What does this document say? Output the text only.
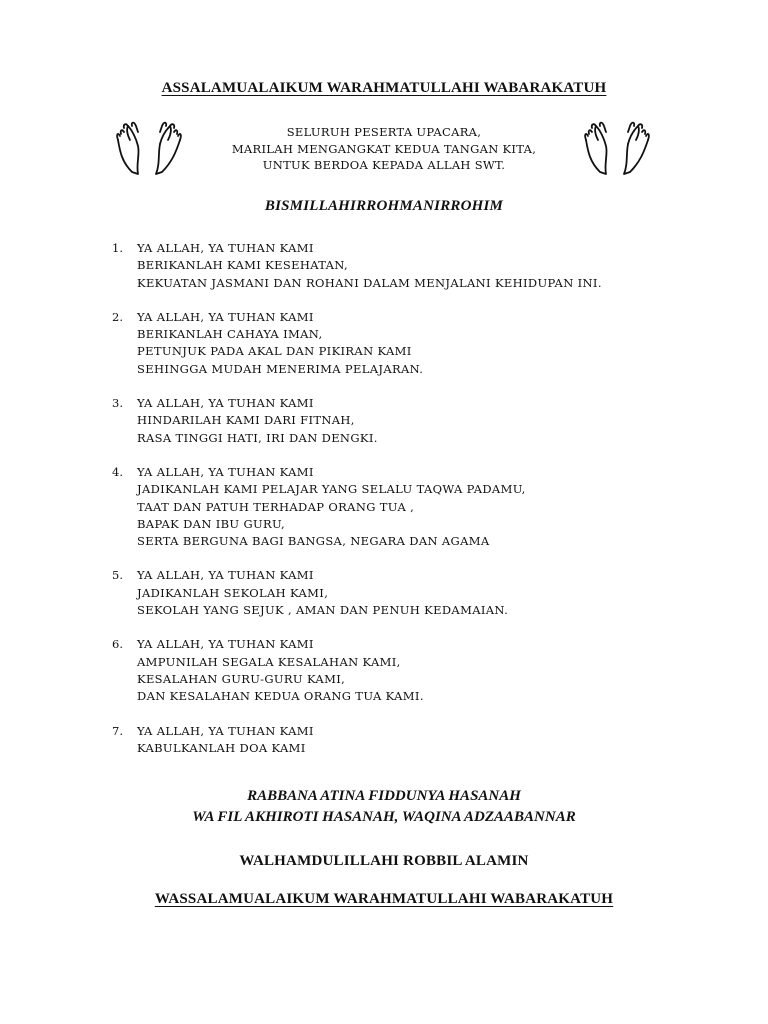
ASSALAMUALAIKUM WARAHMATULLAHI WABARAKATUH
SELURUH PESERTA UPACARA,
MARILAH MENGANGKAT KEDUA TANGAN KITA,
UNTUK BERDOA KEPADA ALLAH SWT.
BISMILLAHIRROHMANIRROHIM
1. YA ALLAH, YA TUHAN KAMI
BERIKANLAH KAMI KESEHATAN,
KEKUATAN JASMANI DAN ROHANI DALAM MENJALANI KEHIDUPAN INI.
2. YA ALLAH, YA TUHAN KAMI
BERIKANLAH CAHAYA IMAN,
PETUNJUK PADA AKAL DAN PIKIRAN KAMI
SEHINGGA MUDAH MENERIMA PELAJARAN.
3. YA ALLAH, YA TUHAN KAMI
HINDARILAH KAMI DARI FITNAH,
RASA TINGGI HATI, IRI DAN DENGKI.
4. YA ALLAH, YA TUHAN KAMI
JADIKANLAH KAMI PELAJAR YANG SELALU TAQWA PADAMU,
TAAT DAN PATUH TERHADAP ORANG TUA ,
BAPAK DAN IBU GURU,
SERTA BERGUNA BAGI BANGSA, NEGARA DAN AGAMA
5. YA ALLAH, YA TUHAN KAMI
JADIKANLAH SEKOLAH KAMI,
SEKOLAH YANG SEJUK , AMAN DAN PENUH KEDAMAIAN.
6. YA ALLAH, YA TUHAN KAMI
AMPUNILAH SEGALA KESALAHAN KAMI,
KESALAHAN GURU-GURU KAMI,
DAN KESALAHAN KEDUA ORANG TUA KAMI.
7. YA ALLAH, YA TUHAN KAMI
KABULKANLAH DOA KAMI
RABBANA ATINA FIDDUNYA HASANAH
WA FIL AKHIROTI HASANAH, WAQINA ADZAABANNAR
WALHAMDULILLAHI ROBBIL ALAMIN
WASSALAMUALAIKUM WARAHMATULLAHI WABARAKATUH
